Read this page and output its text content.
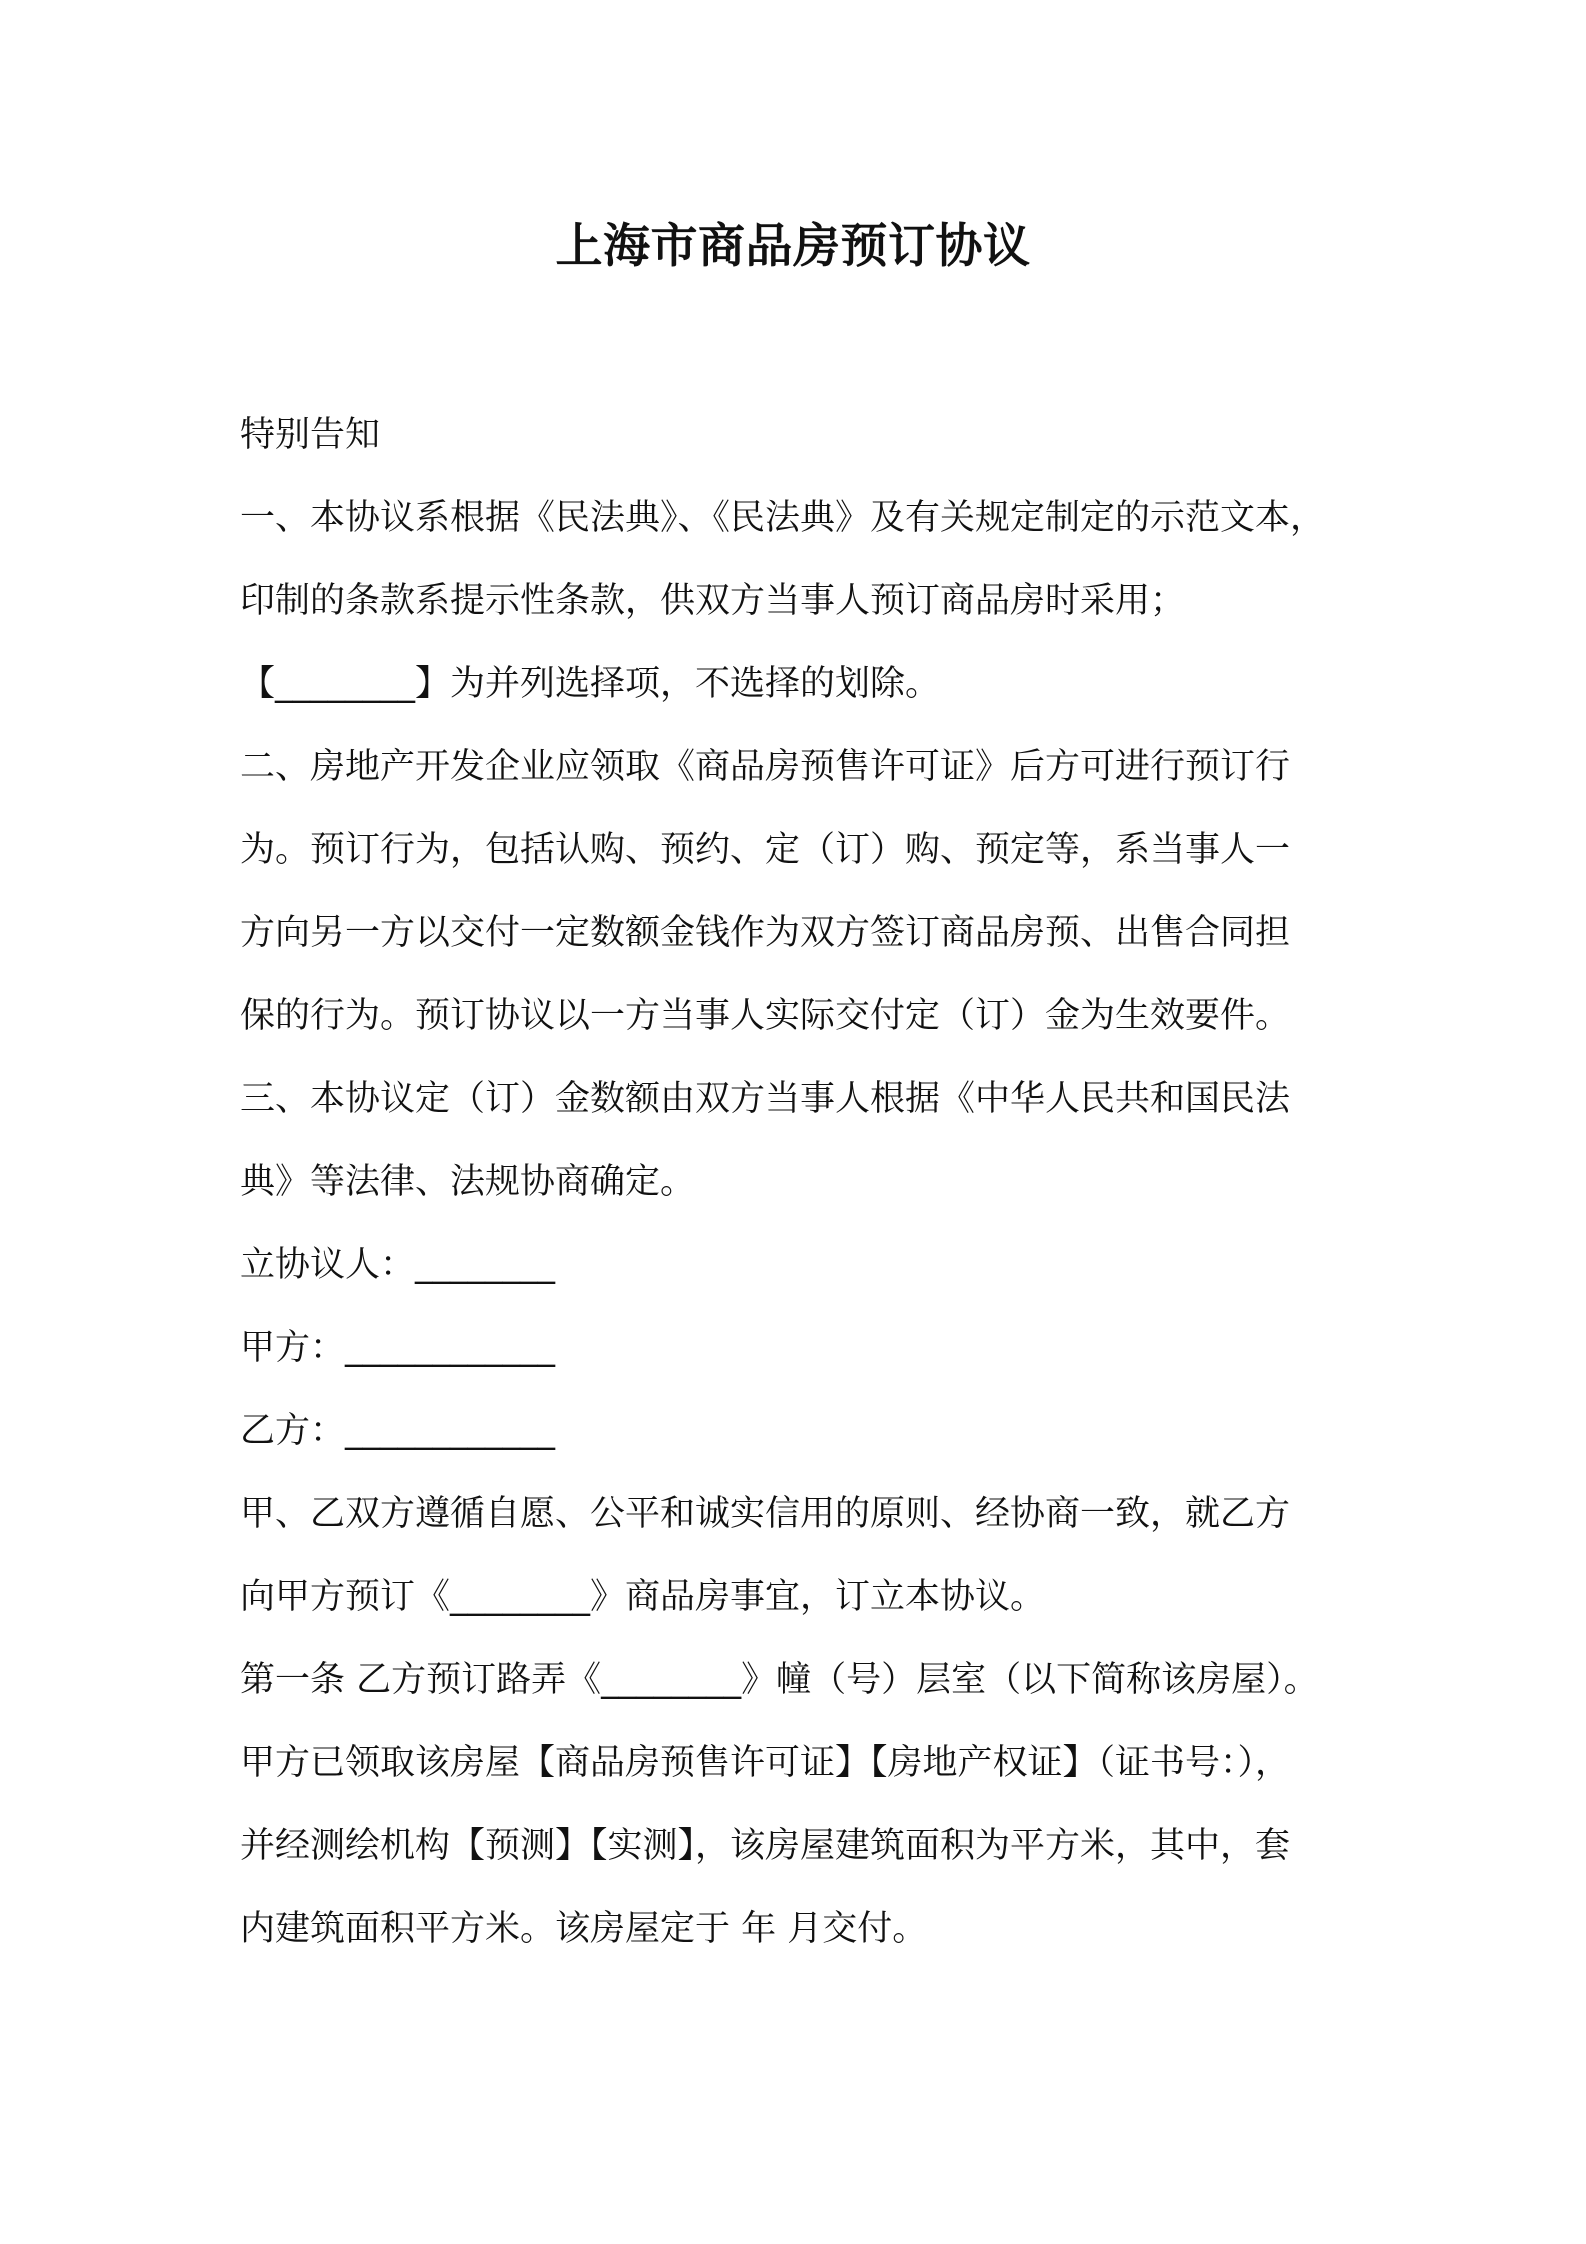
上海市商品房预订协议

特别告知

一、本协议系根据《民法典》、《民法典》及有关规定制定的示范文本，

印制的条款系提示性条款，供双方当事人预订商品房时采用；

【________】为并列选择项，不选择的划除。

二、房地产开发企业应领取《商品房预售许可证》后方可进行预订行

为。预订行为，包括认购、预约、定（订）购、预定等，系当事人一

方向另一方以交付一定数额金钱作为双方签订商品房预、出售合同担

保的行为。预订协议以一方当事人实际交付定（订）金为生效要件。

三、本协议定（订）金数额由双方当事人根据《中华人民共和国民法

典》等法律、法规协商确定。

立协议人：________

甲方：____________

乙方：____________

甲、乙双方遵循自愿、公平和诚实信用的原则、经协商一致，就乙方

向甲方预订《________》商品房事宜，订立本协议。

第一条 乙方预订路弄《________》幢（号）层室（以下简称该房屋）。

甲方已领取该房屋【商品房预售许可证】【房地产权证】（证书号：），

并经测绘机构【预测】【实测】，该房屋建筑面积为平方米，其中，套

内建筑面积平方米。该房屋定于 年 月交付。
